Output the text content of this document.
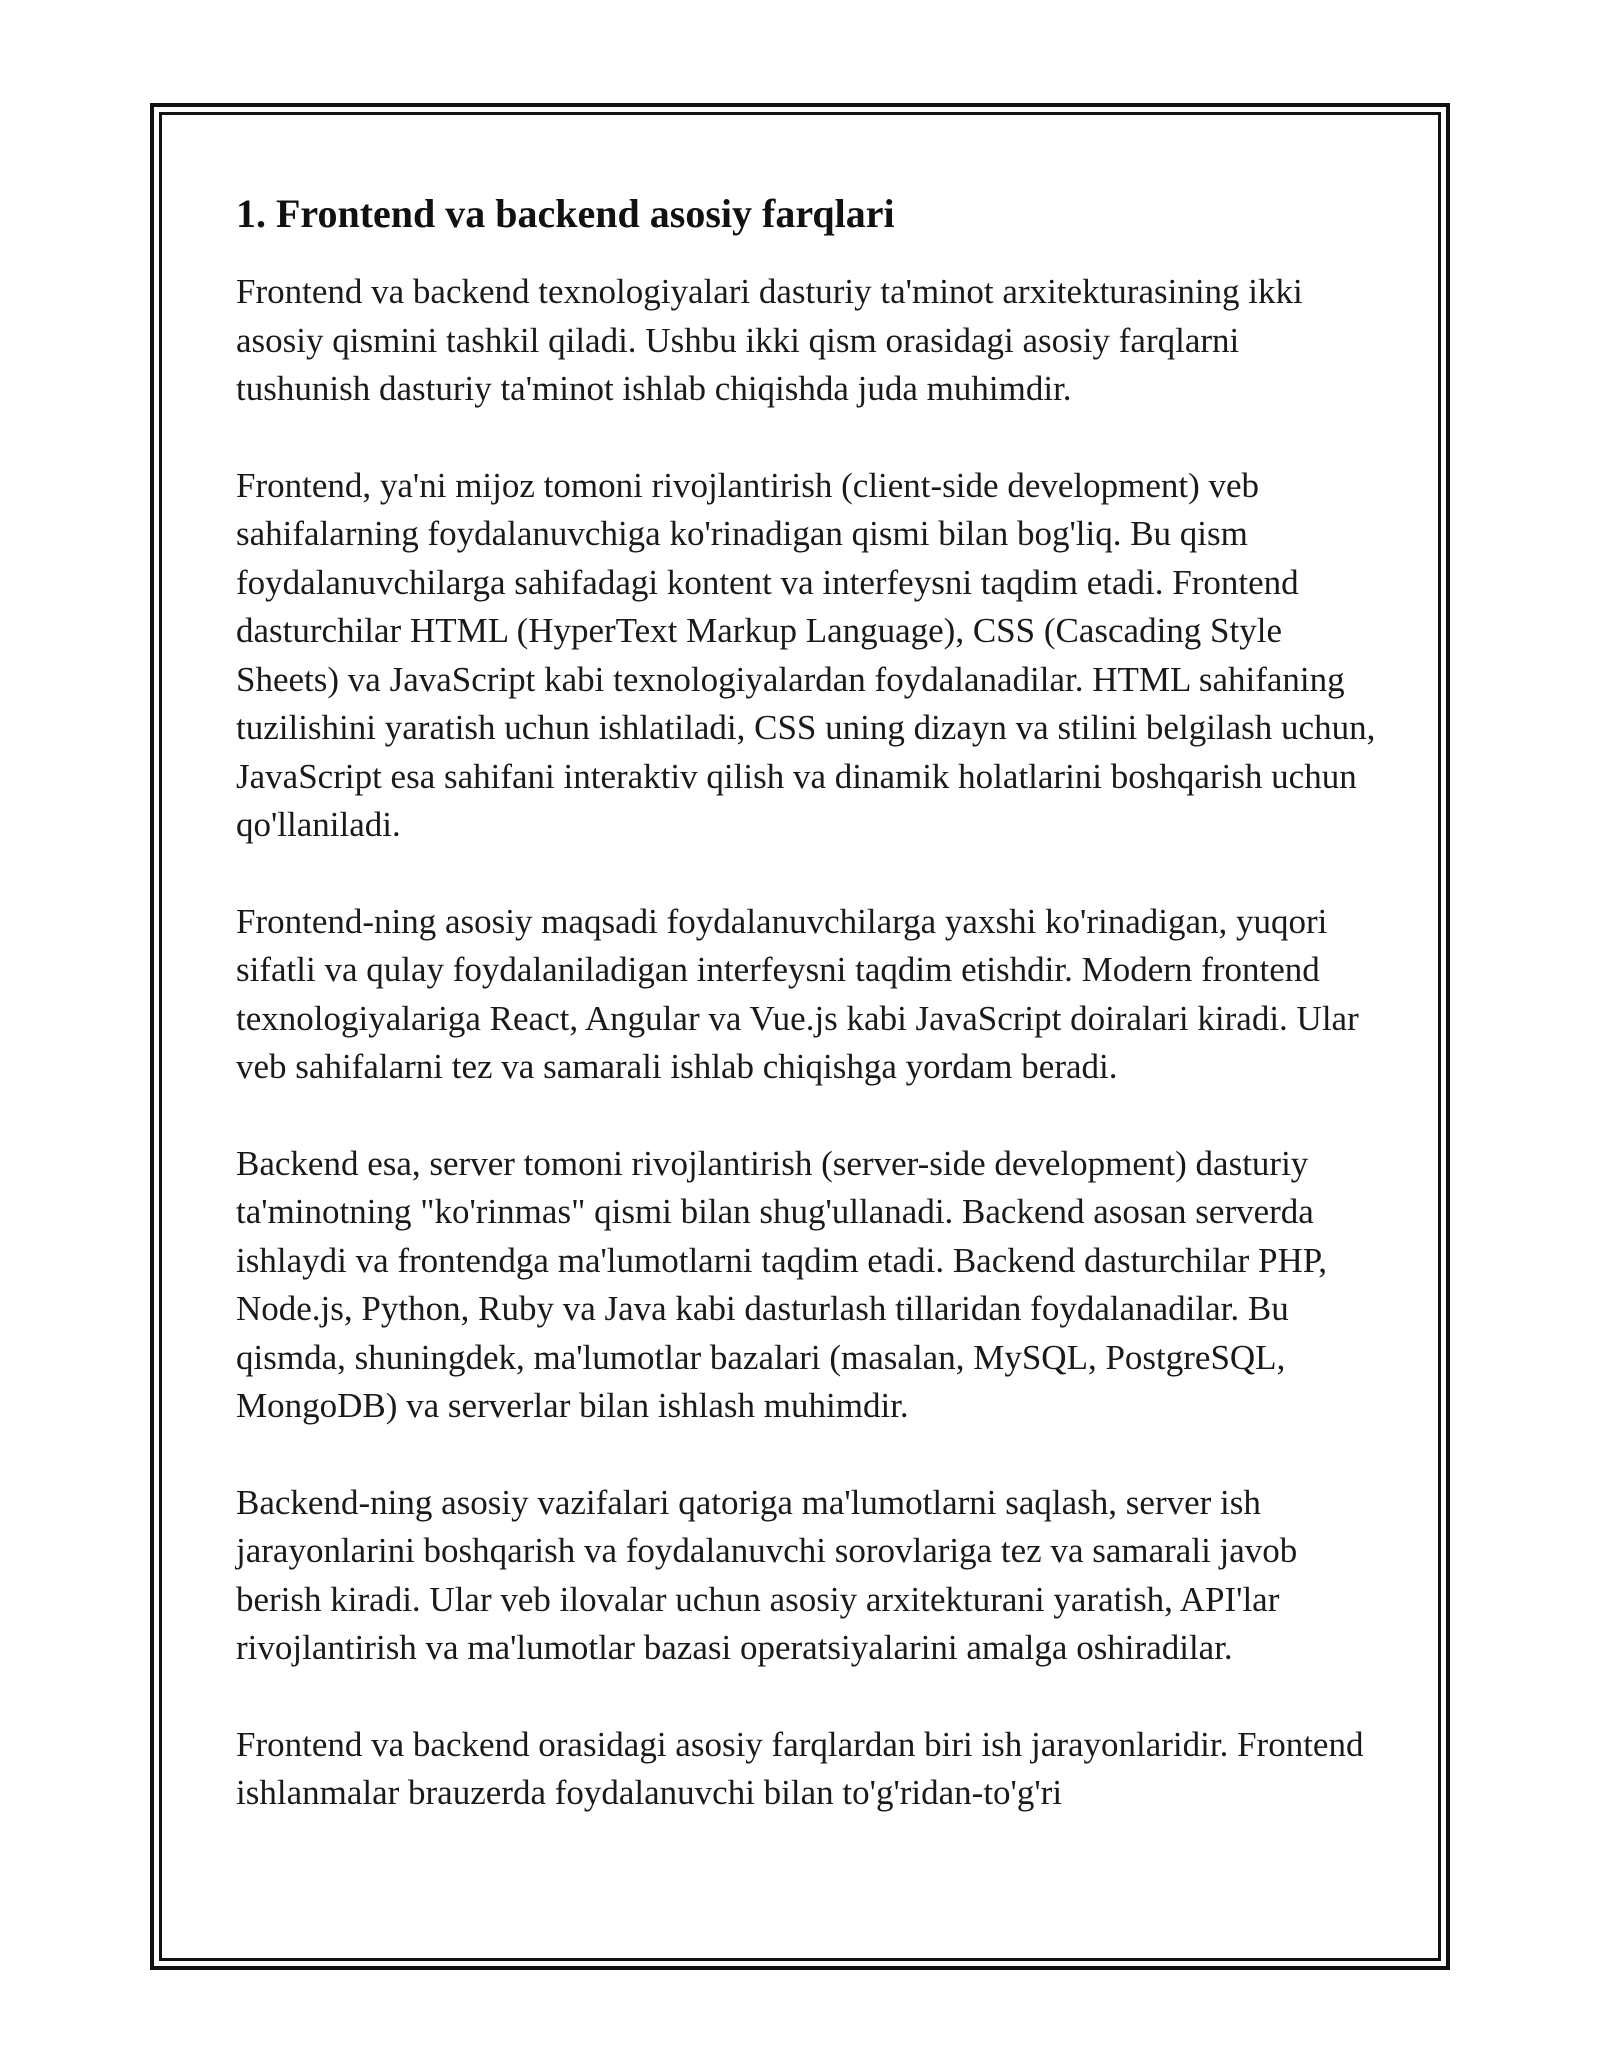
1. Frontend va backend asosiy farqlari

Frontend va backend texnologiyalari dasturiy ta'minot arxitekturasining ikki asosiy qismini tashkil qiladi. Ushbu ikki qism orasidagi asosiy farqlarni tushunish dasturiy ta'minot ishlab chiqishda juda muhimdir.

Frontend, ya'ni mijoz tomoni rivojlantirish (client-side development) veb sahifalarning foydalanuvchiga ko'rinadigan qismi bilan bog'liq. Bu qism foydalanuvchilarga sahifadagi kontent va interfeysni taqdim etadi. Frontend dasturchilar HTML (HyperText Markup Language), CSS (Cascading Style Sheets) va JavaScript kabi texnologiyalardan foydalanadilar. HTML sahifaning tuzilishini yaratish uchun ishlatiladi, CSS uning dizayn va stilini belgilash uchun, JavaScript esa sahifani interaktiv qilish va dinamik holatlarini boshqarish uchun qo'llaniladi.

Frontend-ning asosiy maqsadi foydalanuvchilarga yaxshi ko'rinadigan, yuqori sifatli va qulay foydalaniladigan interfeysni taqdim etishdir. Modern frontend texnologiyalariga React, Angular va Vue.js kabi JavaScript doiralari kiradi. Ular veb sahifalarni tez va samarali ishlab chiqishga yordam beradi.

Backend esa, server tomoni rivojlantirish (server-side development) dasturiy ta'minotning "ko'rinmas" qismi bilan shug'ullanadi. Backend asosan serverda ishlaydi va frontendga ma'lumotlarni taqdim etadi. Backend dasturchilar PHP, Node.js, Python, Ruby va Java kabi dasturlash tillaridan foydalanadilar. Bu qismda, shuningdek, ma'lumotlar bazalari (masalan, MySQL, PostgreSQL, MongoDB) va serverlar bilan ishlash muhimdir.

Backend-ning asosiy vazifalari qatoriga ma'lumotlarni saqlash, server ish jarayonlarini boshqarish va foydalanuvchi sorovlariga tez va samarali javob berish kiradi. Ular veb ilovalar uchun asosiy arxitekturani yaratish, API'lar rivojlantirish va ma'lumotlar bazasi operatsiyalarini amalga oshiradilar.

Frontend va backend orasidagi asosiy farqlardan biri ish jarayonlaridir. Frontend ishlanmalar brauzerda foydalanuvchi bilan to'g'ridan-to'g'ri
